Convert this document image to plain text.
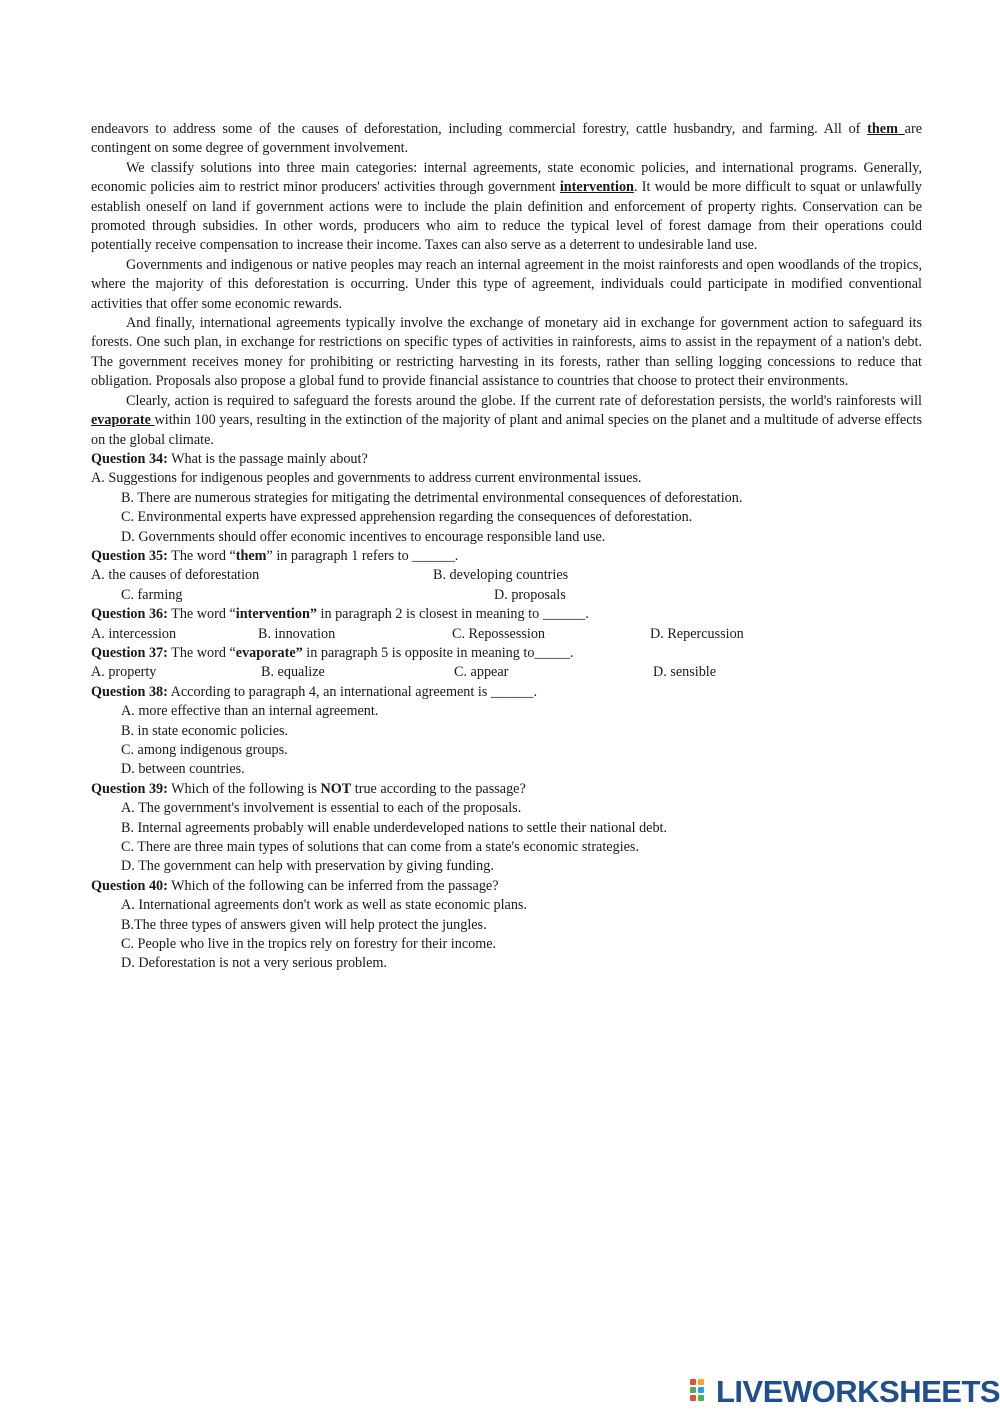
endeavors to address some of the causes of deforestation, including commercial forestry, cattle husbandry, and farming. All of them are contingent on some degree of government involvement.

We classify solutions into three main categories: internal agreements, state economic policies, and international programs. Generally, economic policies aim to restrict minor producers' activities through government intervention. It would be more difficult to squat or unlawfully establish oneself on land if government actions were to include the plain definition and enforcement of property rights. Conservation can be promoted through subsidies. In other words, producers who aim to reduce the typical level of forest damage from their operations could potentially receive compensation to increase their income. Taxes can also serve as a deterrent to undesirable land use.

Governments and indigenous or native peoples may reach an internal agreement in the moist rainforests and open woodlands of the tropics, where the majority of this deforestation is occurring. Under this type of agreement, individuals could participate in modified conventional activities that offer some economic rewards.

And finally, international agreements typically involve the exchange of monetary aid in exchange for government action to safeguard its forests. One such plan, in exchange for restrictions on specific types of activities in rainforests, aims to assist in the repayment of a nation's debt. The government receives money for prohibiting or restricting harvesting in its forests, rather than selling logging concessions to reduce that obligation. Proposals also propose a global fund to provide financial assistance to countries that choose to protect their environments.

Clearly, action is required to safeguard the forests around the globe. If the current rate of deforestation persists, the world's rainforests will evaporate within 100 years, resulting in the extinction of the majority of plant and animal species on the planet and a multitude of adverse effects on the global climate.

Question 34: What is the passage mainly about?

A. Suggestions for indigenous peoples and governments to address current environmental issues.

B. There are numerous strategies for mitigating the detrimental environmental consequences of deforestation.

C. Environmental experts have expressed apprehension regarding the consequences of deforestation.

D. Governments should offer economic incentives to encourage responsible land use.

Question 35: The word “them” in paragraph 1 refers to ______.

A. the causes of deforestation	B. developing countries
C. farming	D. proposals

Question 36: The word “intervention” in paragraph 2 is closest in meaning to ______.

A. intercession	B. innovation	C. Repossession	D. Repercussion

Question 37: The word “evaporate” in paragraph 5 is opposite in meaning to_____.

A. property	B. equalize	C. appear	D. sensible

Question 38: According to paragraph 4, an international agreement is ______.

A. more effective than an internal agreement.

B. in state economic policies.

C. among indigenous groups.

D. between countries.

Question 39: Which of the following is NOT true according to the passage?

A. The government's involvement is essential to each of the proposals.

B. Internal agreements probably will enable underdeveloped nations to settle their national debt.

C. There are three main types of solutions that can come from a state's economic strategies.

D. The government can help with preservation by giving funding.

Question 40: Which of the following can be inferred from the passage?

A. International agreements don't work as well as state economic plans.

B.The three types of answers given will help protect the jungles.

C. People who live in the tropics rely on forestry for their income.

D. Deforestation is not a very serious problem.

LIVEWORKSHEETS
